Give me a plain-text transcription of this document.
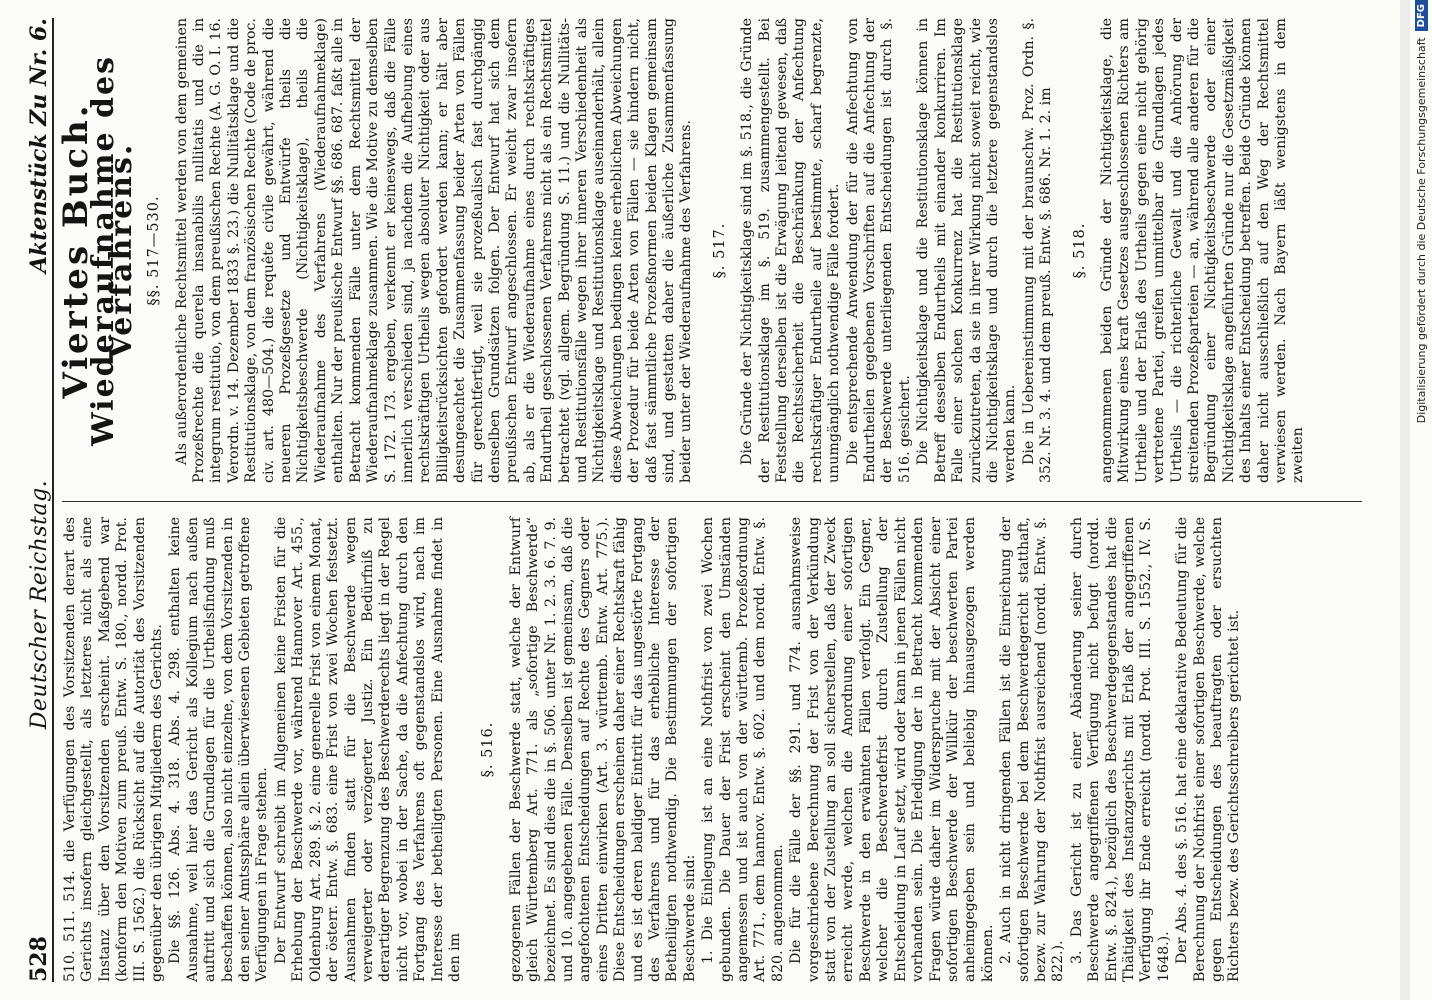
528
Deutscher Reichstag.
Aktenstück Zu Nr. 6.

510. 511. 514. die Verfügungen des Vorsitzenden derart des Gerichts insofern gleichgestellt, als letzteres nicht als eine Instanz über den Vorsitzenden erscheint. Maßgebend war (konform den Motiven zum preuß. Entw. S. 180., nordd. Prot. III. S. 1562.) die Rücksicht auf die Autorität des Vorsitzenden gegenüber den übrigen Mitgliedern des Gerichts. Die §§. 126. Abs. 4. 318. Abs. 4. 298. enthalten keine Ausnahme, weil hier das Gericht als Kollegium nach außen auftritt und sich die Grundlagen für die Urtheilsfindung muß beschaffen können, also nicht einzelne, von dem Vorsitzenden in den seiner Amtssphäre allein überwiesenen Gebieten getroffene Verfügungen in Frage stehen. Der Entwurf schreibt im Allgemeinen keine Fristen für die Erhebung der Beschwerde vor, während Hannover Art. 455., Oldenburg Art. 289. §. 2. eine generelle Frist von einem Monat, der österr. Entw. §. 683. eine Frist von zwei Wochen festsetzt. Ausnahmen finden statt für die Beschwerde wegen verweigerter oder verzögerter Justiz. Ein Bedürfniß zu derartiger Begrenzung des Beschwerderechts liegt in der Regel nicht vor, wobei in der Sache, da die Anfechtung durch den Fortgang des Verfahrens oft gegenstandslos wird, nach im Interesse der betheiligten Personen. Eine Ausnahme findet in den im

§. 516. gezogenen Fällen der Beschwerde statt, welche der Entwurf gleich Württemberg Art. 771. als „sofortige Beschwerde“ bezeichnet. Es sind dies die in §. 506. unter Nr. 1. 2. 3. 6. 7. 9. und 10. angegebenen Fälle. Denselben ist gemeinsam, daß die angefochtenen Entscheidungen auf Rechte des Gegners oder eines Dritten einwirken (Art. 3. württemb. Entw. Art. 775.). Diese Entscheidungen erscheinen daher einer Rechtskraft fähig und es ist deren baldiger Eintritt für das ungestörte Fortgang des Verfahrens und für das erhebliche Interesse der Betheiligten nothwendig. Die Bestimmungen der sofortigen Beschwerde sind: 1. Die Einlegung ist an eine Nothfrist von zwei Wochen gebunden. Die Dauer der Frist erscheint den Umständen angemessen und ist auch von der württemb. Prozeßordnung Art. 771., dem hannov. Entw. §. 602. und dem nordd. Entw. §. 820. angenommen. Die für die Fälle der §§. 291. und 774. ausnahmsweise vorgeschriebene Berechnung der Frist von der Verkündung statt von der Zustellung an soll sicherstellen, daß der Zweck erreicht werde, welchen die Anordnung einer sofortigen Beschwerde in den erwähnten Fällen verfolgt. Ein Gegner, welcher die Beschwerdefrist durch Zustellung der Entscheidung in Lauf setzt, wird oder kann in jenen Fällen nicht vorhanden sein. Die Erledigung der in Betracht kommenden Fragen würde daher im Widerspruche mit der Absicht einer sofortigen Beschwerde der Willkür der beschwerten Partei anheimgegeben sein und beliebig hinausgezogen werden können. 2. Auch in nicht dringenden Fällen ist die Einreichung der sofortigen Beschwerde bei dem Beschwerdegericht statthaft, bezw. zur Wahrung der Nothfrist ausreichend (nordd. Entw. §. 822.). 3. Das Gericht ist zu einer Abänderung seiner durch Beschwerde angegriffenen Verfügung nicht befugt (nordd. Entw. §. 824.), bezüglich des Beschwerdegegenstandes hat die Thätigkeit des Instanzgerichts mit Erlaß der angegriffenen Verfügung ihr Ende erreicht (nordd. Prot. III. S. 1552., IV. S. 1648.). Der Abs. 4. des §. 516. hat eine deklarative Bedeutung für die Berechnung der Nothfrist einer sofortigen Beschwerde, welche gegen Entscheidungen des beauftragten oder ersuchten Richters bezw. des Gerichtsschreibers gerichtet ist.

Viertes Buch.
Wiederaufnahme des Verfahrens. §§. 517—530. Als außerordentliche Rechtsmittel werden von dem gemeinen Prozeßrechte die querela insanabilis nullitatis und die in integrum restitutio, von dem preußischen Rechte (A. G. O. I. 16. Verordn. v. 14. Dezember 1833 §. 23.) die Nullitätsklage und die Restitutionsklage, von dem französischen Rechte (Code de proc. civ. art. 480—504.) die requête civile gewährt, während die neueren Prozeßgesetze und Entwürfe theils die Nichtigkeitsbeschwerde (Nichtigkeitsklage), theils die Wiederaufnahme des Verfahrens (Wiederaufnahmeklage) enthalten. Nur der preußische Entwurf §§. 686. 687. faßt alle in Betracht kommenden Fälle unter dem Rechtsmittel der Wiederaufnahmeklage zusammen. Wie die Motive zu demselben S. 172. 173. ergeben, verkennt er keineswegs, daß die Fälle innerlich verschieden sind, ja nachdem die Aufhebung eines rechtskräftigen Urtheils wegen absoluter Nichtigkeit oder aus Billigkeitsrücksichten gefordert werden kann; er hält aber desungeachtet die Zusammenfassung beider Arten von Fällen für gerechtfertigt, weil sie prozeßualisch fast durchgängig denselben Grundsätzen folgen. Der Entwurf hat sich dem preußischen Entwurf angeschlossen. Er weicht zwar insofern ab, als er die Wiederaufnahme eines durch rechtskräftiges Endurtheil geschlossenen Verfahrens nicht als ein Rechtsmittel betrachtet (vgl. allgem. Begründung S. 11.) und die Nullitäts- und Restitutionsfälle wegen ihrer inneren Verschiedenheit als Nichtigkeitsklage und Restitutionsklage auseinanderhält, allein diese Abweichungen bedingen keine erheblichen Abweichungen der Prozedur für beide Arten von Fällen — sie hindern nicht, daß fast sämmtliche Prozeßnormen beiden Klagen gemeinsam sind, und gestatten daher die äußerliche Zusammenfassung beider unter der Wiederaufnahme des Verfahrens. §. 517. Die Gründe der Nichtigkeitsklage sind im §. 518., die Gründe der Restitutionsklage im §. 519. zusammengestellt. Bei Feststellung derselben ist die Erwägung leitend gewesen, daß die Rechtssicherheit die Beschränkung der Anfechtung rechtskräftiger Endurtheile auf bestimmte, scharf begrenzte, unumgänglich nothwendige Fälle fordert. Die entsprechende Anwendung der für die Anfechtung von Endurtheilen gegebenen Vorschriften auf die Anfechtung der der Beschwerde unterliegenden Entscheidungen ist durch §. 516. gesichert. Die Nichtigkeitsklage und die Restitutionsklage können in Betreff desselben Endurtheils mit einander konkurriren. Im Falle einer solchen Konkurrenz hat die Restitutionsklage zurückzutreten, da sie in ihrer Wirkung nicht soweit reicht, wie die Nichtigkeitsklage und durch die letztere gegenstandslos werden kann. Die in Uebereinstimmung mit der braunschw. Proz. Ordn. §. 352. Nr. 3. 4. und dem preuß. Entw. §. 686. Nr. 1. 2. im §. 518. angenommenen beiden Gründe der Nichtigkeitsklage, die Mitwirkung eines kraft Gesetzes ausgeschlossenen Richters am Urtheile und der Erlaß des Urtheils gegen eine nicht gehörig vertretene Partei, greifen unmittelbar die Grundlagen jedes Urtheils — die richterliche Gewalt und die Anhörung der streitenden Prozeßparteien — an, während alle anderen für die Begründung einer Nichtigkeitsbeschwerde oder einer Nichtigkeitsklage angeführten Gründe nur die Gesetzmäßigkeit des Inhalts einer Entscheidung betreffen. Beide Gründe können daher nicht ausschließlich auf den Weg der Rechtsmittel verwiesen werden. Nach Bayern läßt wenigstens in dem zweiten

Digitalisierung gefördert durch die Deutsche Forschungsgemeinschaft
DFG
